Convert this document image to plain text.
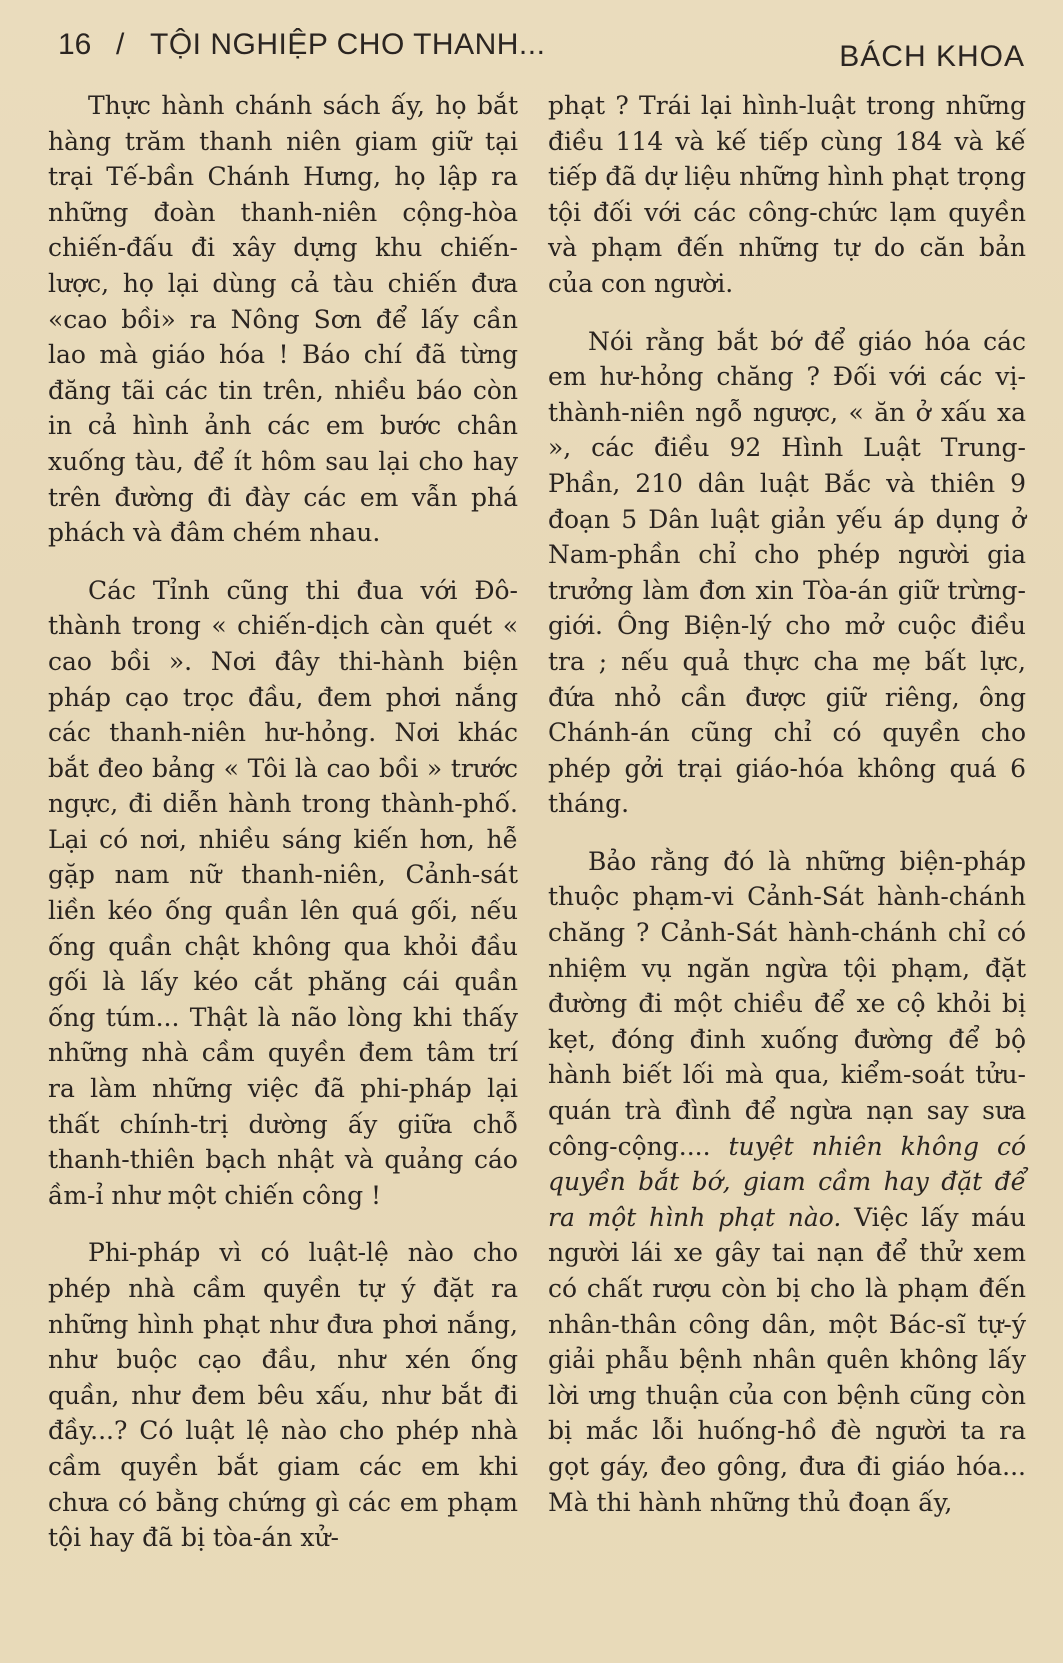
16 / TỘI NGHIỆP CHO THANH...	BÁCH KHOA

Thực hành chánh sách ấy, họ bắt hàng trăm thanh niên giam giữ tại trại Tế-bần Chánh Hưng, họ lập ra những đoàn thanh-niên cộng-hòa chiến-đấu đi xây dựng khu chiến-lược, họ lại dùng cả tàu chiến đưa «cao bồi» ra Nông Sơn để lấy cần lao mà giáo hóa ! Báo chí đã từng đăng tãi các tin trên, nhiều báo còn in cả hình ảnh các em bước chân xuống tàu, để ít hôm sau lại cho hay trên đường đi đày các em vẫn phá phách và đâm chém nhau.

Các Tỉnh cũng thi đua với Đô-thành trong « chiến-dịch càn quét « cao bồi ». Nơi đây thi-hành biện pháp cạo trọc đầu, đem phơi nắng các thanh-niên hư-hỏng. Nơi khác bắt đeo bảng « Tôi là cao bồi » trước ngực, đi diễn hành trong thành-phố. Lại có nơi, nhiều sáng kiến hơn, hễ gặp nam nữ thanh-niên, Cảnh-sát liền kéo ống quần lên quá gối, nếu ống quần chật không qua khỏi đầu gối là lấy kéo cắt phăng cái quần ống túm... Thật là não lòng khi thấy những nhà cầm quyền đem tâm trí ra làm những việc đã phi-pháp lại thất chính-trị dường ấy giữa chỗ thanh-thiên bạch nhật và quảng cáo ầm-ỉ như một chiến công !

Phi-pháp vì có luật-lệ nào cho phép nhà cầm quyền tự ý đặt ra những hình phạt như đưa phơi nắng, như buộc cạo đầu, như xén ống quần, như đem bêu xấu, như bắt đi đầy...? Có luật lệ nào cho phép nhà cầm quyền bắt giam các em khi chưa có bằng chứng gì các em phạm tội hay đã bị tòa-án xử-

phạt ? Trái lại hình-luật trong những điều 114 và kế tiếp cùng 184 và kế tiếp đã dự liệu những hình phạt trọng tội đối với các công-chức lạm quyền và phạm đến những tự do căn bản của con người.

Nói rằng bắt bớ để giáo hóa các em hư-hỏng chăng ? Đối với các vị-thành-niên ngỗ ngược, « ăn ở xấu xa », các điều 92 Hình Luật Trung-Phần, 210 dân luật Bắc và thiên 9 đoạn 5 Dân luật giản yếu áp dụng ở Nam-phần chỉ cho phép người gia trưởng làm đơn xin Tòa-án giữ trừng-giới. Ông Biện-lý cho mở cuộc điều tra ; nếu quả thực cha mẹ bất lực, đứa nhỏ cần được giữ riêng, ông Chánh-án cũng chỉ có quyền cho phép gởi trại giáo-hóa không quá 6 tháng.

Bảo rằng đó là những biện-pháp thuộc phạm-vi Cảnh-Sát hành-chánh chăng ? Cảnh-Sát hành-chánh chỉ có nhiệm vụ ngăn ngừa tội phạm, đặt đường đi một chiều để xe cộ khỏi bị kẹt, đóng đinh xuống đường để bộ hành biết lối mà qua, kiểm-soát tửu-quán trà đình để ngừa nạn say sưa công-cộng.... tuyệt nhiên không có quyền bắt bớ, giam cầm hay đặt để ra một hình phạt nào. Việc lấy máu người lái xe gây tai nạn để thử xem có chất rượu còn bị cho là phạm đến nhân-thân công dân, một Bác-sĩ tự-ý giải phẫu bệnh nhân quên không lấy lời ưng thuận của con bệnh cũng còn bị mắc lỗi huống-hồ đè người ta ra gọt gáy, đeo gông, đưa đi giáo hóa... Mà thi hành những thủ đoạn ấy,
